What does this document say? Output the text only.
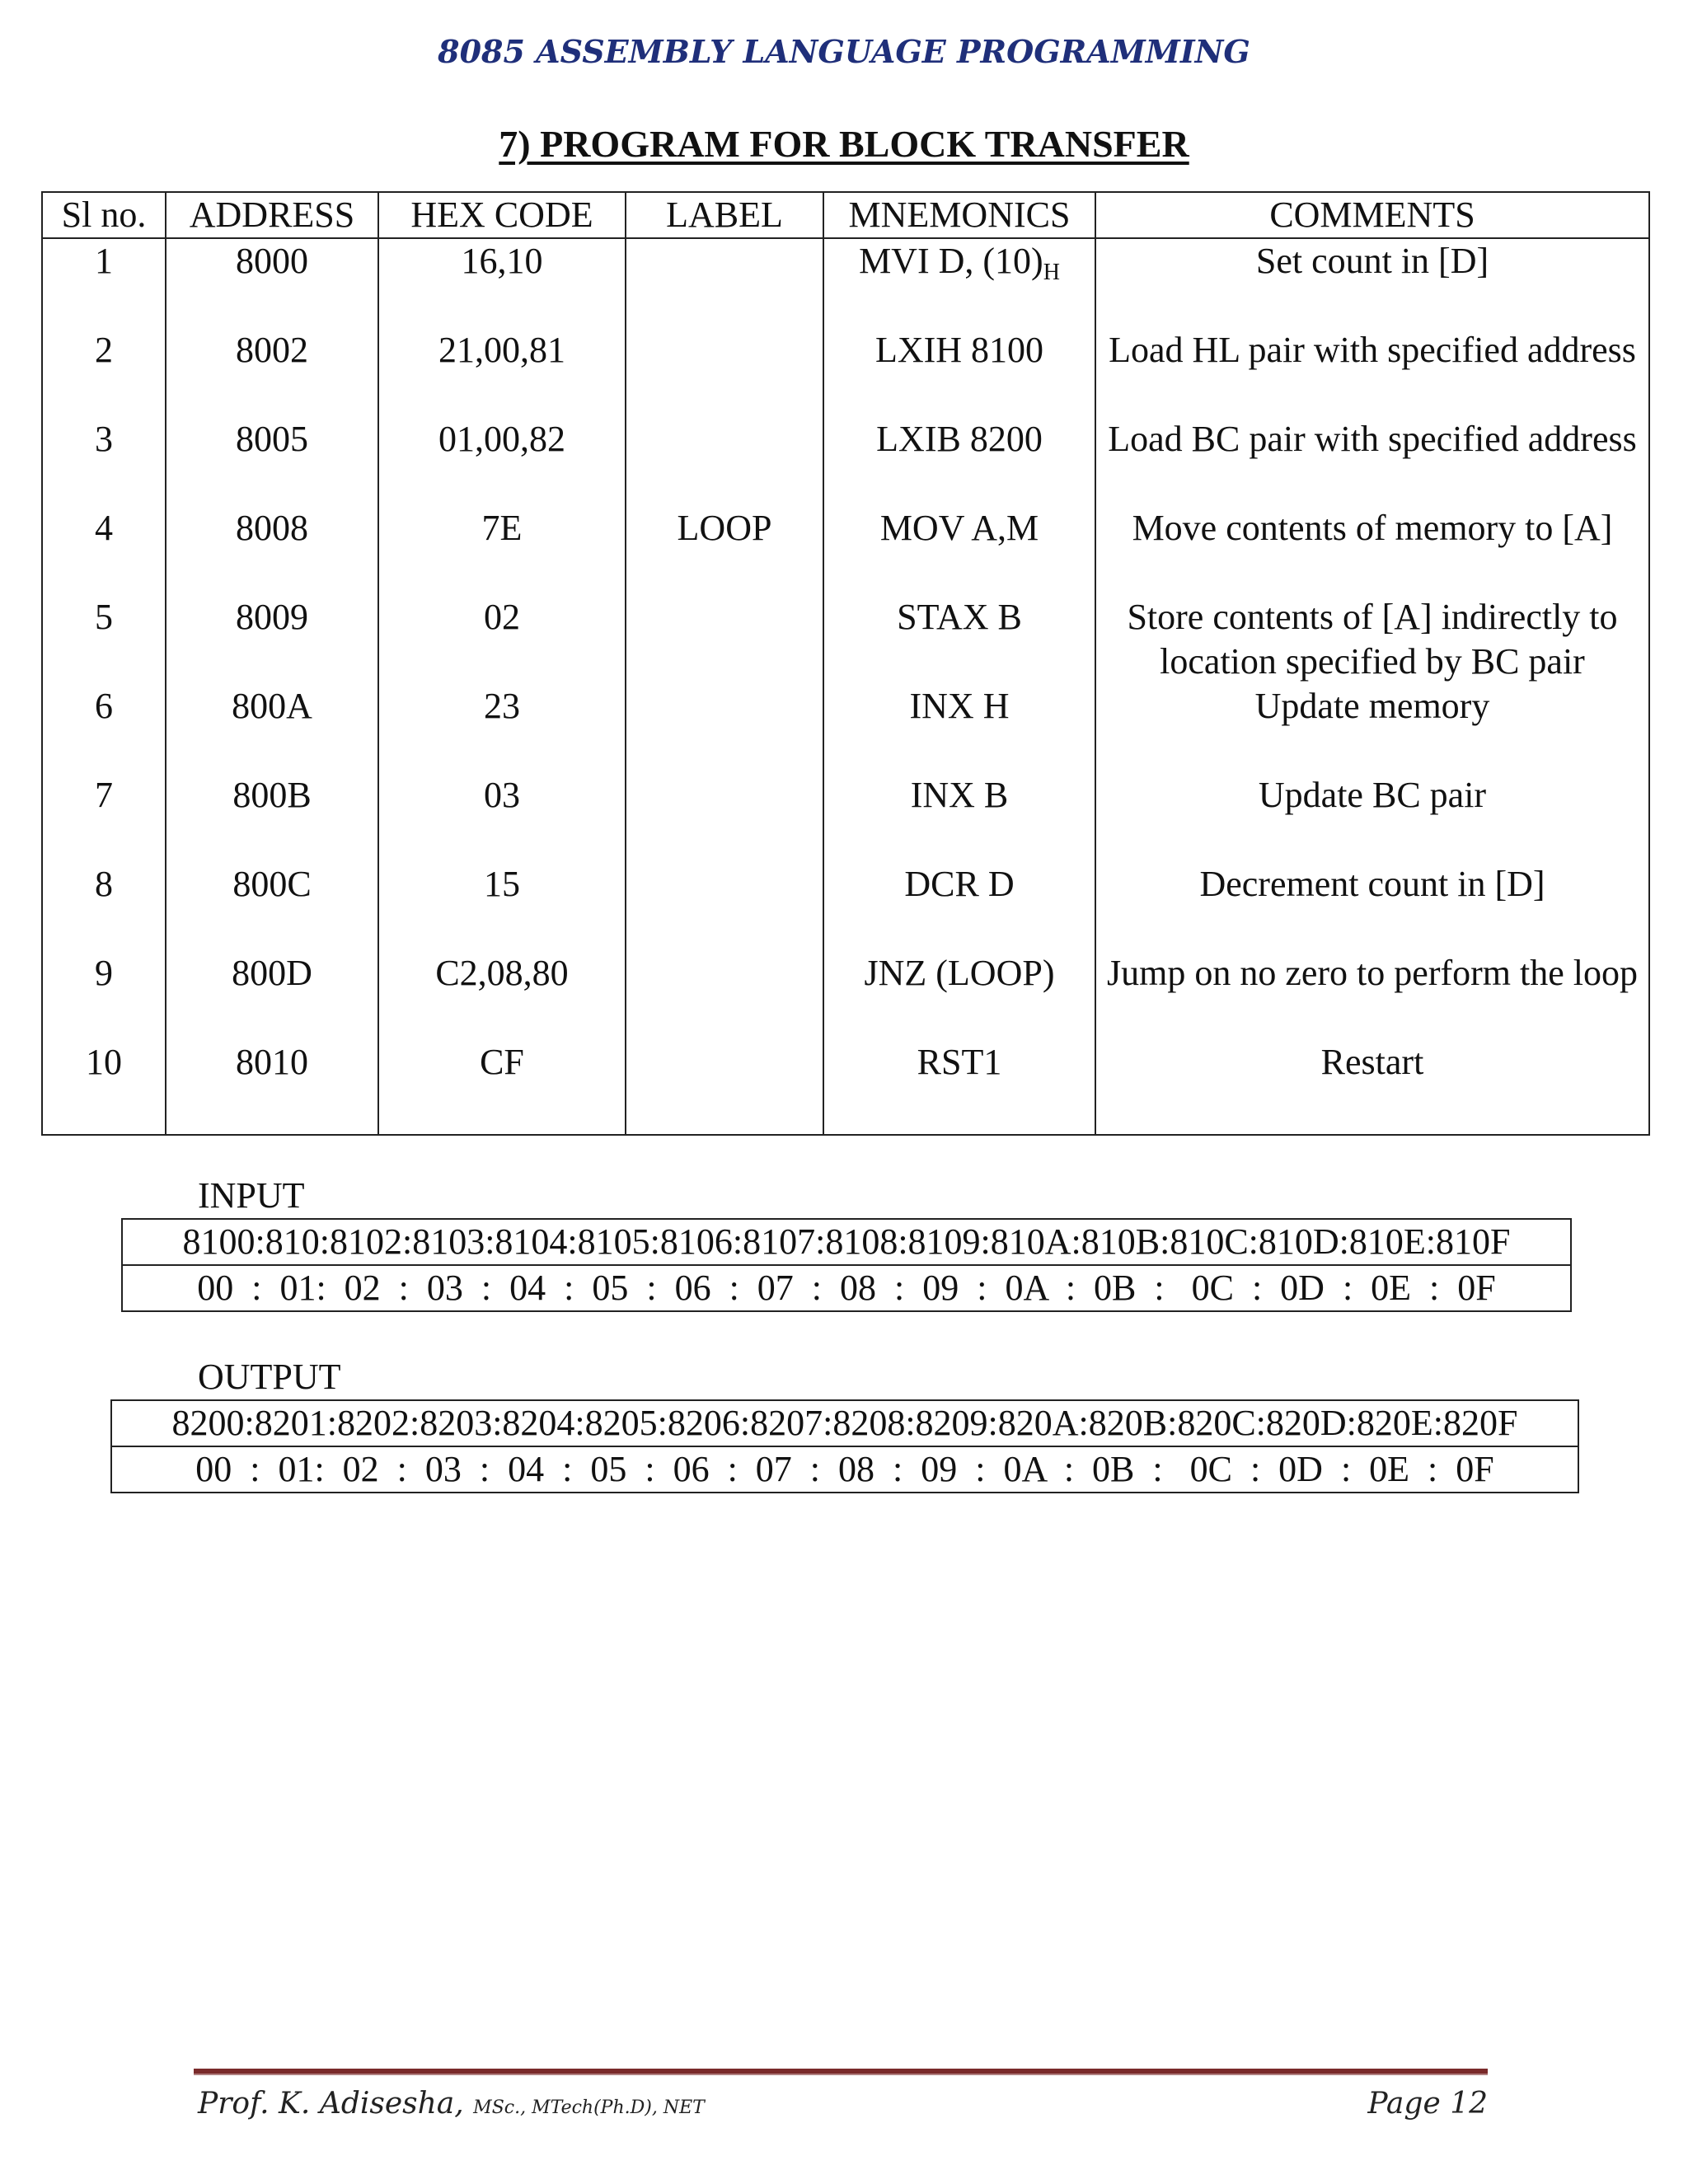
8085 ASSEMBLY LANGUAGE PROGRAMMING
7) PROGRAM FOR BLOCK TRANSFER
Sl no.	ADDRESS	HEX CODE	LABEL	MNEMONICS	COMMENTS
1	8000	16,10		MVI D, $(10)_H$	Set count in [D]
2	8002	21,00,81		LXIH 8100	Load HL pair with specified address
3	8005	01,00,82		LXIB 8200	Load BC pair with specified address
4	8008	7E	LOOP	MOV A,M	Move contents of memory to [A]
5	8009	02		STAX B	Store contents of [A] indirectly to location specified by BC pair
6	800A	23		INX H	Update memory
7	800B	03		INX B	Update BC pair
8	800C	15		DCR D	Decrement count in [D]
9	800D	C2,08,80		JNZ (LOOP)	Jump on no zero to perform the loop
10	8010	CF		RST1	Restart
INPUT
8100:810:8102:8103:8104:8105:8106:8107:8108:8109:810A:810B:810C:810D:810E:810F
00  :  01:  02  :  03  :  04  :  05  :  06  :  07  :  08  :  09  :  0A  :  0B  :   0C  :  0D  :  0E  :  0F
OUTPUT
8200:8201:8202:8203:8204:8205:8206:8207:8208:8209:820A:820B:820C:820D:820E:820F
00  :  01:  02  :  03  :  04  :  05  :  06  :  07  :  08  :  09  :  0A  :  0B  :   0C  :  0D  :  0E  :  0F
Prof. K. Adisesha, MSc., MTech(Ph.D), NET	Page 12
